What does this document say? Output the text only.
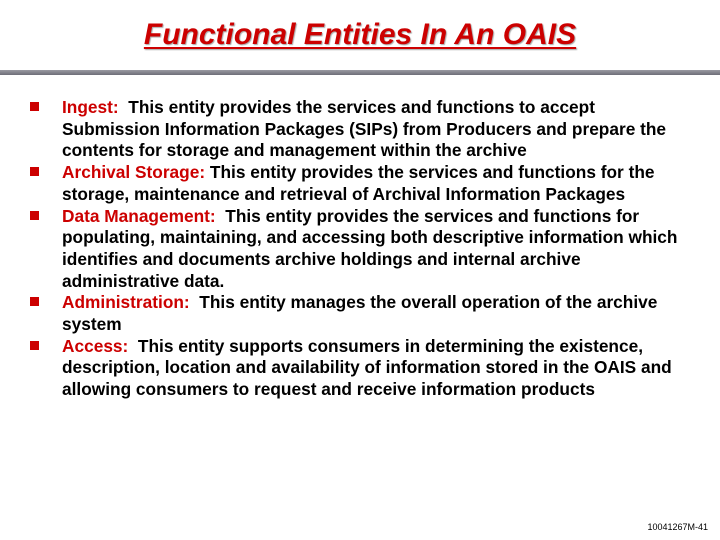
Functional Entities In An OAIS
Ingest: This entity provides the services and functions to accept Submission Information Packages (SIPs) from Producers and prepare the contents for storage and management within the archive
Archival Storage: This entity provides the services and functions for the storage, maintenance and retrieval of Archival Information Packages
Data Management: This entity provides the services and functions for populating, maintaining, and accessing both descriptive information which identifies and documents archive holdings and internal archive administrative data.
Administration: This entity manages the overall operation of the archive system
Access: This entity supports consumers in determining the existence, description, location and availability of information stored in the OAIS and allowing consumers to request and receive information products
10041267M-41
